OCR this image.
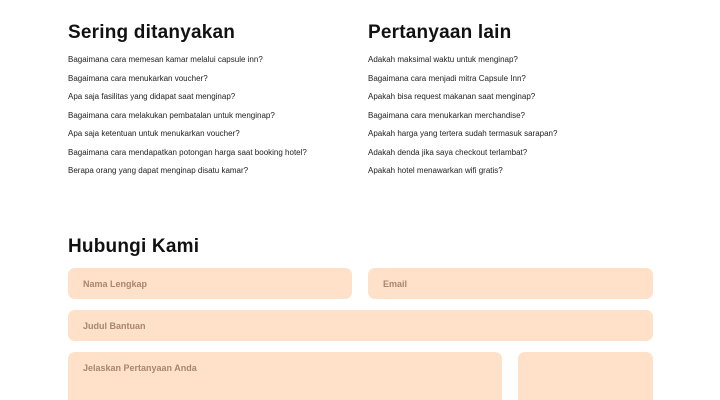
Sering ditanyakan
Bagaimana cara memesan kamar melalui capsule inn?
Bagaimana cara menukarkan voucher?
Apa saja fasilitas yang didapat saat menginap?
Bagaimana cara melakukan pembatalan untuk menginap?
Apa saja ketentuan untuk menukarkan voucher?
Bagaimana cara mendapatkan potongan harga saat booking hotel?
Berapa orang yang dapat menginap disatu kamar?
Pertanyaan lain
Adakah maksimal waktu untuk menginap?
Bagaimana cara menjadi mitra Capsule Inn?
Apakah bisa request makanan saat menginap?
Bagaimana cara menukarkan merchandise?
Apakah harga yang tertera sudah termasuk sarapan?
Adakah denda jika saya checkout terlambat?
Apakah hotel menawarkan wifi gratis?
Hubungi Kami
Nama Lengkap
Email
Judul Bantuan
Jelaskan Pertanyaan Anda
